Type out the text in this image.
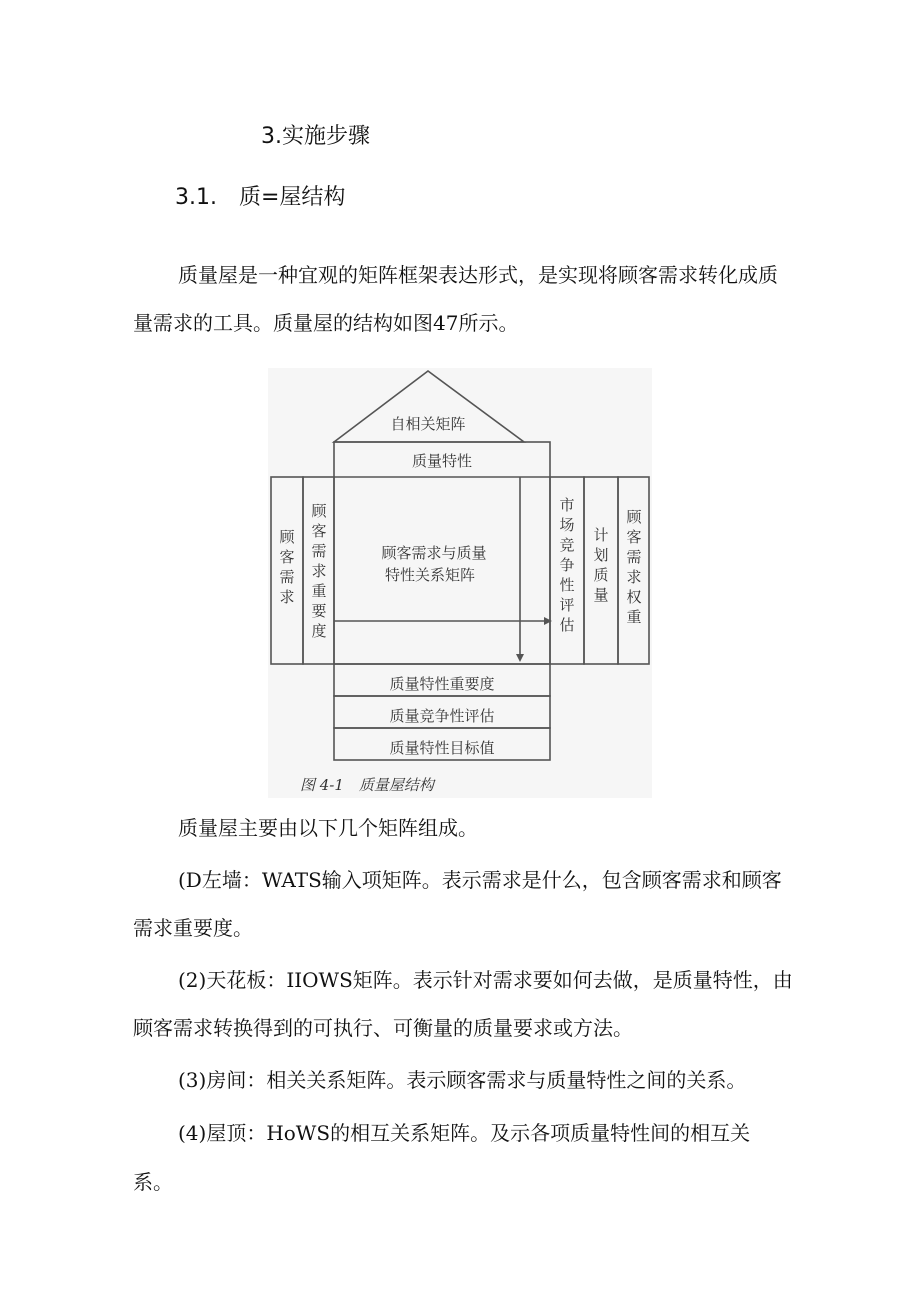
3.实施步骤
3.1.　质=屋结构
质量屋是一种宜观的矩阵框架表达形式，是实现将顾客需求转化成质
量需求的工具。质量屋的结构如图47所示。
自相关矩阵
质量特性
顾客需求与质量
特性关系矩阵
质量特性重要度
质量竞争性评估
质量特性目标值
顾
客
需
求
顾
客
需
求
重
要
度
市
场
竞
争
性
评
估
计
划
质
量
顾
客
需
求
权
重
图 4-1　质量屋结构
质量屋主要由以下几个矩阵组成。
(D左墙：WATS输入项矩阵。表示需求是什么，包含顾客需求和顾客
需求重要度。
(2)天花板：IIOWS矩阵。表示针对需求要如何去做，是质量特性，由
顾客需求转换得到的可执行、可衡量的质量要求或方法。
(3)房间：相关关系矩阵。表示顾客需求与质量特性之间的关系。
(4)屋顶：HoWS的相互关系矩阵。及示各项质量特性间的相互关
系。
